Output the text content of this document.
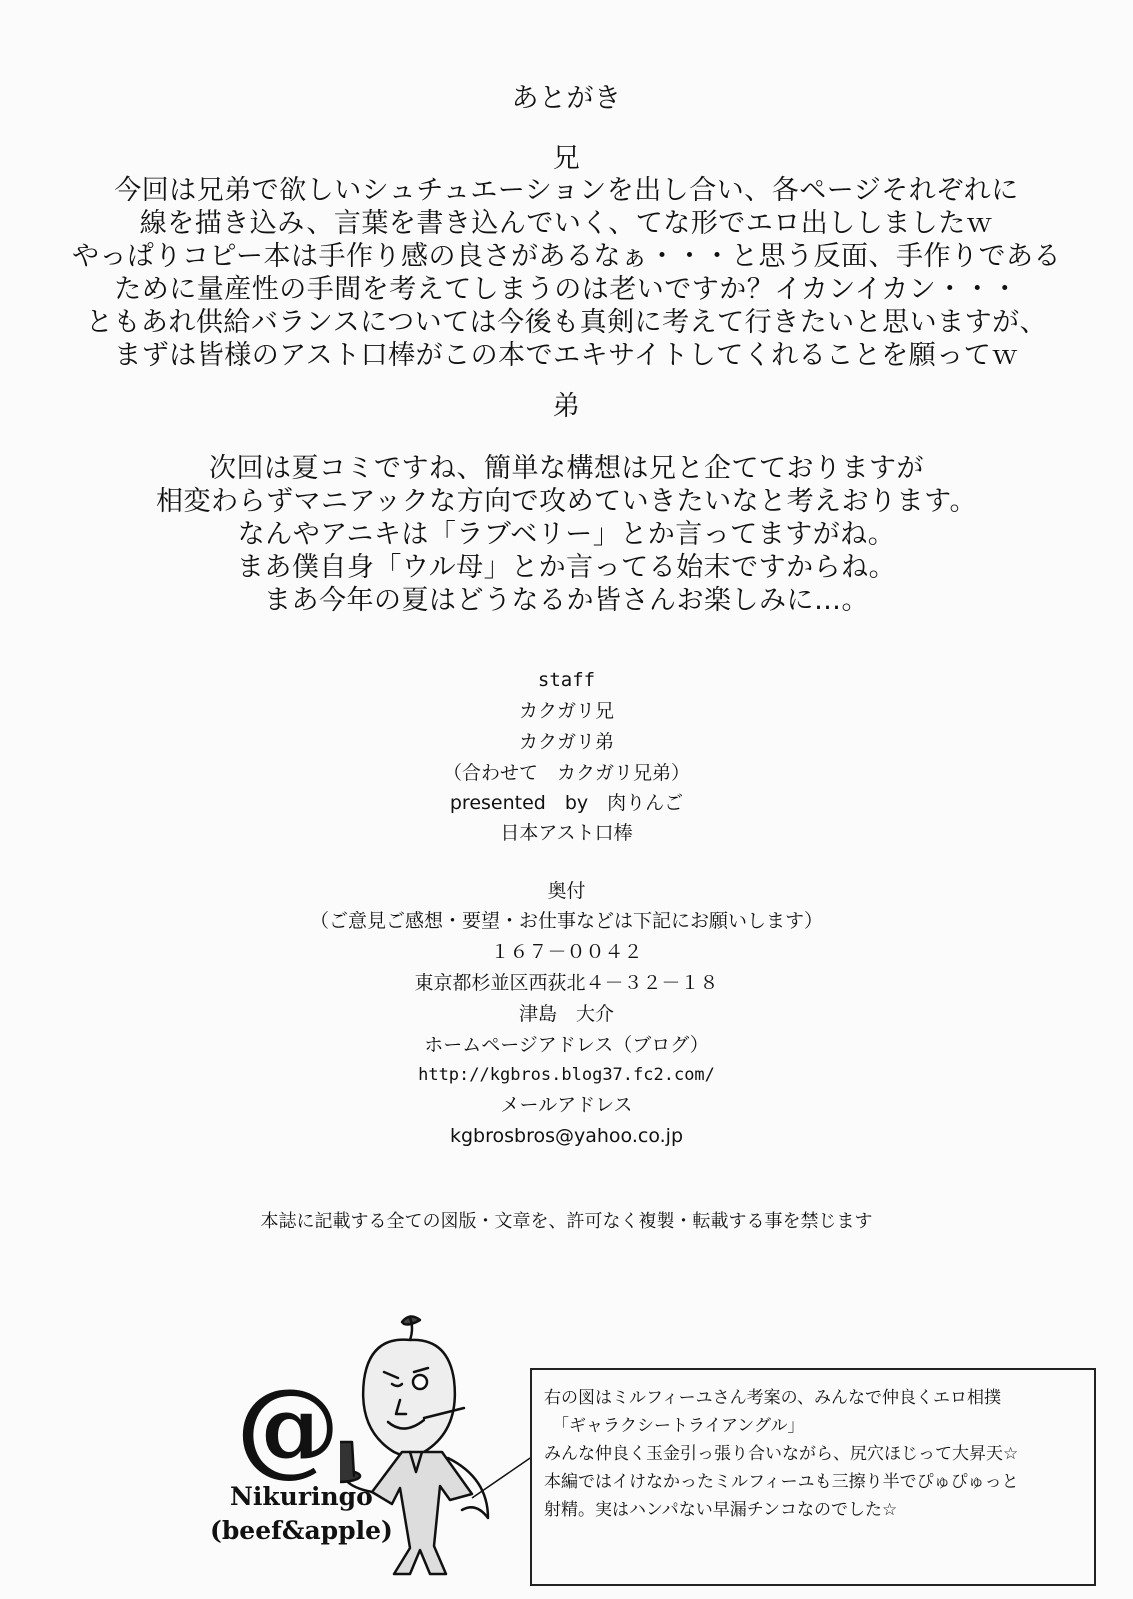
あとがき
兄
今回は兄弟で欲しいシュチュエーションを出し合い、各ページそれぞれに
線を描き込み、言葉を書き込んでいく、てな形でエロ出ししましたｗ
やっぱりコピー本は手作り感の良さがあるなぁ・・・と思う反面、手作りである
ために量産性の手間を考えてしまうのは老いですか？イカンイカン・・・
ともあれ供給バランスについては今後も真剣に考えて行きたいと思いますが、
まずは皆様のアスト口棒がこの本でエキサイトしてくれることを願ってｗ
弟
次回は夏コミですね、簡単な構想は兄と企てておりますが
相変わらずマニアックな方向で攻めていきたいなと考えおります。
なんやアニキは「ラブベリー」とか言ってますがね。
まあ僕自身「ウル母」とか言ってる始末ですからね。
まあ今年の夏はどうなるか皆さんお楽しみに…。
staff
カクガリ兄
カクガリ弟
（合わせて　カクガリ兄弟）
presented　by　肉りんご
日本アスト口棒
奥付
（ご意見ご感想・要望・お仕事などは下記にお願いします）
１６７－００４２
東京都杉並区西荻北４－３２－１８
津島　大介
ホームページアドレス（ブログ）
http://kgbros.blog37.fc2.com/
メールアドレス
kgbrosbros@yahoo.co.jp
本誌に記載する全ての図版・文章を、許可なく複製・転載する事を禁じます
@
Nikuringo
(beef&apple)
右の図はミルフィーユさん考案の、みんなで仲良くエロ相撲
「ギャラクシートライアングル」
みんな仲良く玉金引っ張り合いながら、尻穴ほじって大昇天☆
本編ではイけなかったミルフィーユも三擦り半でぴゅぴゅっと
射精。実はハンパない早漏チンコなのでした☆
